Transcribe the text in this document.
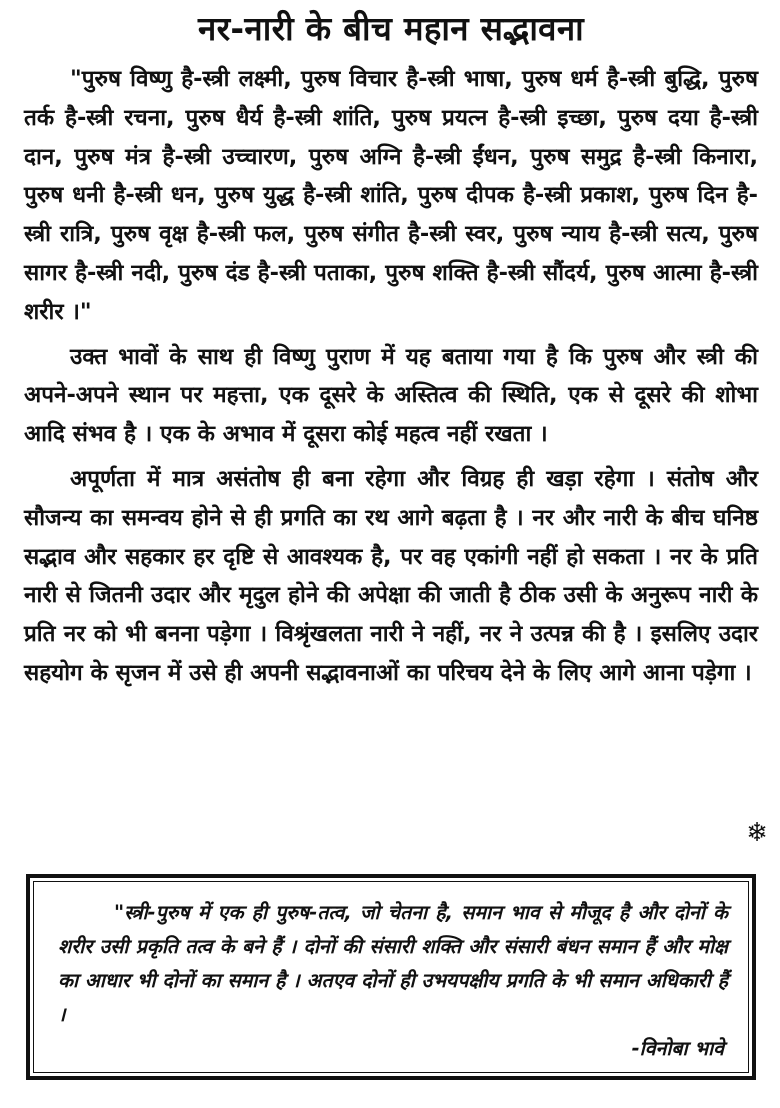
नर-नारी के बीच महान सद्भावना

"पुरुष विष्णु है-स्त्री लक्ष्मी, पुरुष विचार है-स्त्री भाषा, पुरुष धर्म है-स्त्री बुद्धि, पुरुष तर्क है-स्त्री रचना, पुरुष धैर्य है-स्त्री शांति, पुरुष प्रयत्न है-स्त्री इच्छा, पुरुष दया है-स्त्री दान, पुरुष मंत्र है-स्त्री उच्चारण, पुरुष अग्नि है-स्त्री ईंधन, पुरुष समुद्र है-स्त्री किनारा, पुरुष धनी है-स्त्री धन, पुरुष युद्ध है-स्त्री शांति, पुरुष दीपक है-स्त्री प्रकाश, पुरुष दिन है-स्त्री रात्रि, पुरुष वृक्ष है-स्त्री फल, पुरुष संगीत है-स्त्री स्वर, पुरुष न्याय है-स्त्री सत्य, पुरुष सागर है-स्त्री नदी, पुरुष दंड है-स्त्री पताका, पुरुष शक्ति है-स्त्री सौंदर्य, पुरुष आत्मा है-स्त्री शरीर ।"

उक्त भावों के साथ ही विष्णु पुराण में यह बताया गया है कि पुरुष और स्त्री की अपने-अपने स्थान पर महत्ता, एक दूसरे के अस्तित्व की स्थिति, एक से दूसरे की शोभा आदि संभव है । एक के अभाव में दूसरा कोई महत्व नहीं रखता ।

अपूर्णता में मात्र असंतोष ही बना रहेगा और विग्रह ही खड़ा रहेगा । संतोष और सौजन्य का समन्वय होने से ही प्रगति का रथ आगे बढ़ता है । नर और नारी के बीच घनिष्ठ सद्भाव और सहकार हर दृष्टि से आवश्यक है, पर वह एकांगी नहीं हो सकता । नर के प्रति नारी से जितनी उदार और मृदुल होने की अपेक्षा की जाती है ठीक उसी के अनुरूप नारी के प्रति नर को भी बनना पड़ेगा । विश्रृंखलता नारी ने नहीं, नर ने उत्पन्न की है । इसलिए उदार सहयोग के सृजन में उसे ही अपनी सद्भावनाओं का परिचय देने के लिए आगे आना पड़ेगा ।

❄

"स्त्री-पुरुष में एक ही पुरुष-तत्व, जो चेतना है, समान भाव से मौजूद है और दोनों के शरीर उसी प्रकृति तत्व के बने हैं । दोनों की संसारी शक्ति और संसारी बंधन समान हैं और मोक्ष का आधार भी दोनों का समान है । अतएव दोनों ही उभयपक्षीय प्रगति के भी समान अधिकारी हैं ।

-विनोबा भावे
